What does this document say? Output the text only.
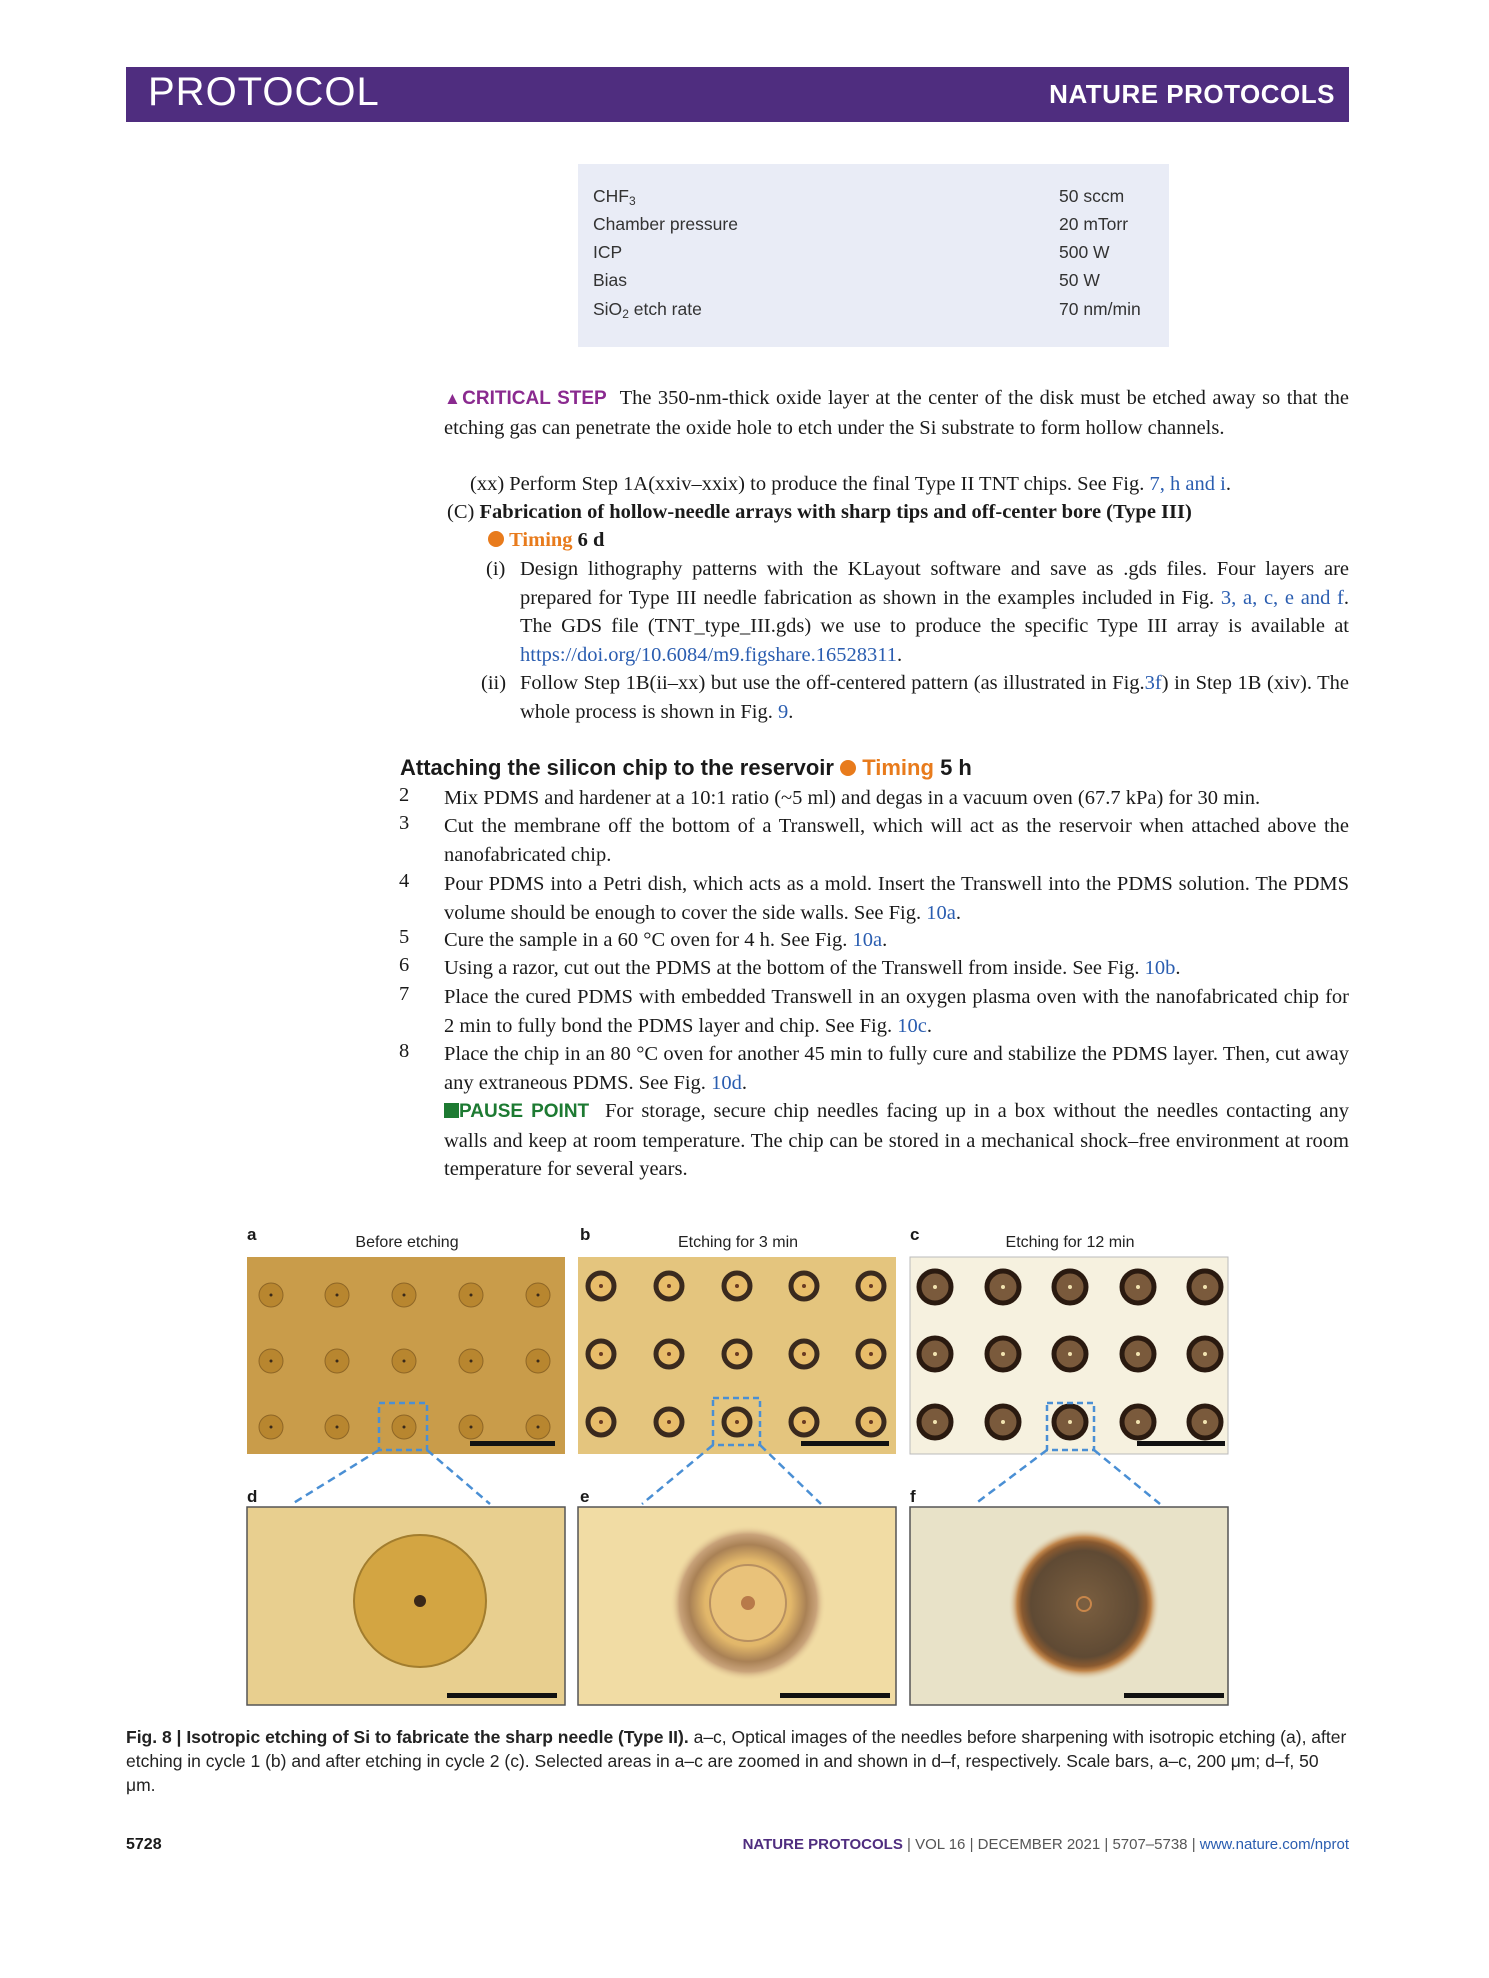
PROTOCOL	NATURE PROTOCOLS
$CHF_3$	50 sccm
Chamber pressure	20 mTorr
ICP	500 W
Bias	50 W
SiO$_2$ etch rate	70 nm/min
▲CRITICAL STEP The 350-nm-thick oxide layer at the center of the disk must be etched away so that the etching gas can penetrate the oxide hole to etch under the Si substrate to form hollow channels.
(xx) Perform Step 1A(xxiv–xxix) to produce the final Type II TNT chips. See Fig. 7, h and i.
(C) Fabrication of hollow-needle arrays with sharp tips and off-center bore (Type III)
Timing 6 d
(i) Design lithography patterns with the KLayout software and save as .gds files. Four layers are prepared for Type III needle fabrication as shown in the examples included in Fig. 3, a, c, e and f. The GDS file (TNT_type_III.gds) we use to produce the specific Type III array is available at https://doi.org/10.6084/m9.figshare.16528311.
(ii) Follow Step 1B(ii–xx) but use the off-centered pattern (as illustrated in Fig.3f) in Step 1B (xiv). The whole process is shown in Fig. 9.
Attaching the silicon chip to the reservoir Timing 5 h
2 Mix PDMS and hardener at a 10:1 ratio (~5 ml) and degas in a vacuum oven (67.7 kPa) for 30 min.
3 Cut the membrane off the bottom of a Transwell, which will act as the reservoir when attached above the nanofabricated chip.
4 Pour PDMS into a Petri dish, which acts as a mold. Insert the Transwell into the PDMS solution. The PDMS volume should be enough to cover the side walls. See Fig. 10a.
5 Cure the sample in a 60 °C oven for 4 h. See Fig. 10a.
6 Using a razor, cut out the PDMS at the bottom of the Transwell from inside. See Fig. 10b.
7 Place the cured PDMS with embedded Transwell in an oxygen plasma oven with the nanofabricated chip for 2 min to fully bond the PDMS layer and chip. See Fig. 10c.
8 Place the chip in an 80 °C oven for another 45 min to fully cure and stabilize the PDMS layer. Then, cut away any extraneous PDMS. See Fig. 10d.
PAUSE POINT For storage, secure chip needles facing up in a box without the needles contacting any walls and keep at room temperature. The chip can be stored in a mechanical shock–free environment at room temperature for several years.
a	b	c
d	e	f
Before etching	Etching for 3 min	Etching for 12 min
Fig. 8 | Isotropic etching of Si to fabricate the sharp needle (Type II). a–c, Optical images of the needles before sharpening with isotropic etching (a), after etching in cycle 1 (b) and after etching in cycle 2 (c). Selected areas in a–c are zoomed in and shown in d–f, respectively. Scale bars, a–c, 200 μm; d–f, 50 μm.
5728	NATURE PROTOCOLS | VOL 16 | DECEMBER 2021 | 5707–5738 | www.nature.com/nprot
